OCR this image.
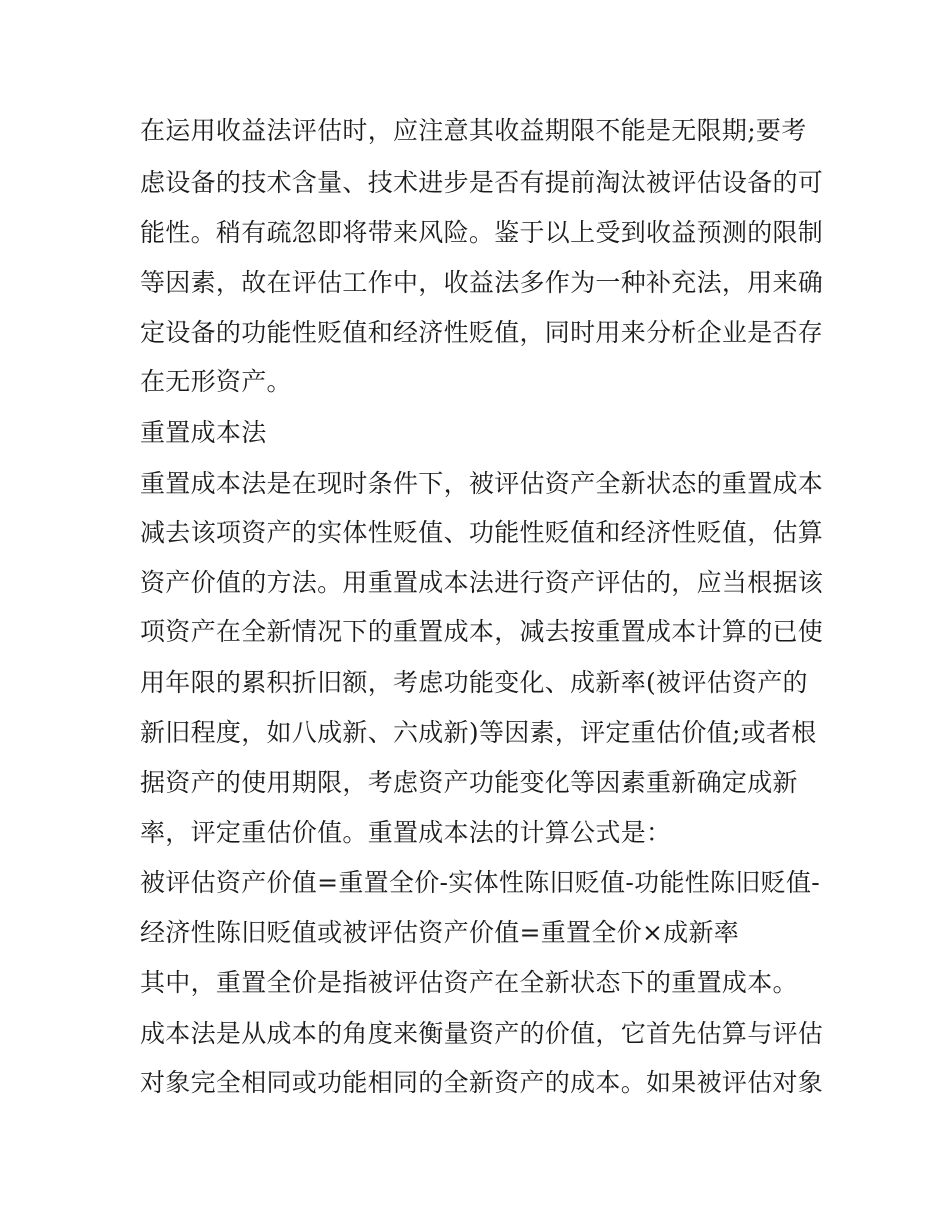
在运用收益法评估时，应注意其收益期限不能是无限期;要考
虑设备的技术含量、技术进步是否有提前淘汰被评估设备的可
能性。稍有疏忽即将带来风险。鉴于以上受到收益预测的限制
等因素，故在评估工作中，收益法多作为一种补充法，用来确
定设备的功能性贬值和经济性贬值，同时用来分析企业是否存
在无形资产。
重置成本法
重置成本法是在现时条件下，被评估资产全新状态的重置成本
减去该项资产的实体性贬值、功能性贬值和经济性贬值，估算
资产价值的方法。用重置成本法进行资产评估的，应当根据该
项资产在全新情况下的重置成本，减去按重置成本计算的已使
用年限的累积折旧额，考虑功能变化、成新率(被评估资产的
新旧程度，如八成新、六成新)等因素，评定重估价值;或者根
据资产的使用期限，考虑资产功能变化等因素重新确定成新
率，评定重估价值。重置成本法的计算公式是：
被评估资产价值=重置全价-实体性陈旧贬值-功能性陈旧贬值-
经济性陈旧贬值或被评估资产价值=重置全价×成新率
其中，重置全价是指被评估资产在全新状态下的重置成本。
成本法是从成本的角度来衡量资产的价值，它首先估算与评估
对象完全相同或功能相同的全新资产的成本。如果被评估对象
